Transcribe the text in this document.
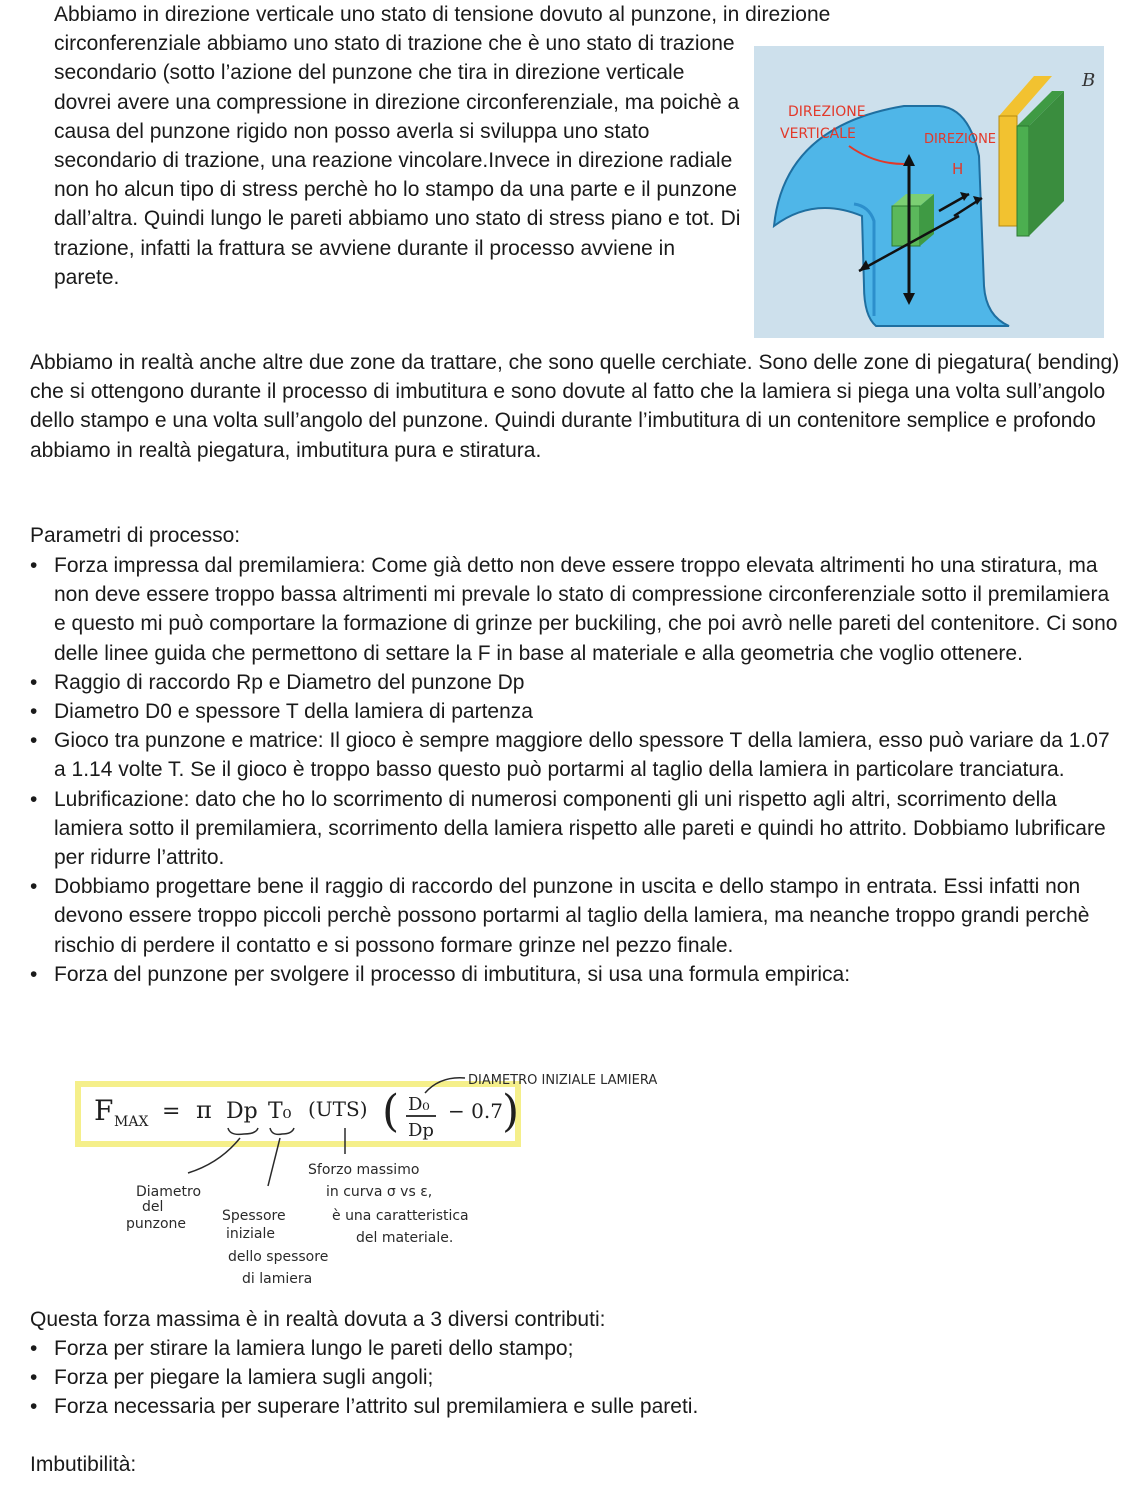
Abbiamo in direzione verticale uno stato di tensione dovuto al punzone, in direzione
circonferenziale abbiamo uno stato di trazione che è uno stato di trazione secondario (sotto l’azione del punzone che tira in direzione verticale dovrei avere una compressione in direzione circonferenziale, ma poichè a causa del punzone rigido non posso averla si sviluppa uno stato secondario di trazione, una reazione vincolare.Invece in direzione radiale non ho alcun tipo di stress perchè ho lo stampo da una parte e il punzone dall’altra. Quindi lungo le pareti abbiamo uno stato di stress piano e tot. Di trazione, infatti la frattura se avviene durante il processo avviene in parete.
B
DIREZIONE
VERTICALE	DIREZIONE
H
Abbiamo in realtà anche altre due zone da trattare, che sono quelle cerchiate. Sono delle zone di piegatura( bending) che si ottengono durante il processo di imbutitura e sono dovute al fatto che la lamiera si piega una volta sull’angolo dello stampo e una volta sull’angolo del punzone. Quindi durante l’imbutitura di un contenitore semplice e profondo abbiamo in realtà piegatura, imbutitura pura e stiratura.
Parametri di processo:
• Forza impressa dal premilamiera: Come già detto non deve essere troppo elevata altrimenti ho una stiratura, ma non deve essere troppo bassa altrimenti mi prevale lo stato di compressione circonferenziale sotto il premilamiera e questo mi può comportare la formazione di grinze per buckiling, che poi avrò nelle pareti del contenitore. Ci sono delle linee guida che permettono di settare la F in base al materiale e alla geometria che voglio ottenere.
• Raggio di raccordo Rp e Diametro del punzone Dp
• Diametro D0 e spessore T della lamiera di partenza
• Gioco tra punzone e matrice: Il gioco è sempre maggiore dello spessore T della lamiera, esso può variare da 1.07 a 1.14 volte T. Se il gioco è troppo basso questo può portarmi al taglio della lamiera in particolare tranciatura.
• Lubrificazione: dato che ho lo scorrimento di numerosi componenti gli uni rispetto agli altri, scorrimento della lamiera sotto il premilamiera, scorrimento della lamiera rispetto alle pareti e quindi ho attrito. Dobbiamo lubrificare per ridurre l’attrito.
• Dobbiamo progettare bene il raggio di raccordo del punzone in uscita e dello stampo in entrata. Essi infatti non devono essere troppo piccoli perchè possono portarmi al taglio della lamiera, ma neanche troppo grandi perchè rischio di perdere il contatto e si possono formare grinze nel pezzo finale.
• Forza del punzone per svolgere il processo di imbutitura, si usa una formula empirica:
DIAMETRO INIZIALE LAMIERA
F MAX = π Dp T₀ (UTS) ( D₀
Dp
− 0.7 )
Diametro
del
punzone	Spessore
iniziale
dello spessore
di lamiera
Sforzo massimo
in curva σ vs ε,
è una caratteristica
del materiale.
Questa forza massima è in realtà dovuta a 3 diversi contributi:
• Forza per stirare la lamiera lungo le pareti dello stampo;
• Forza per piegare la lamiera sugli angoli;
• Forza necessaria per superare l’attrito sul premilamiera e sulle pareti.
Imbutibilità:
